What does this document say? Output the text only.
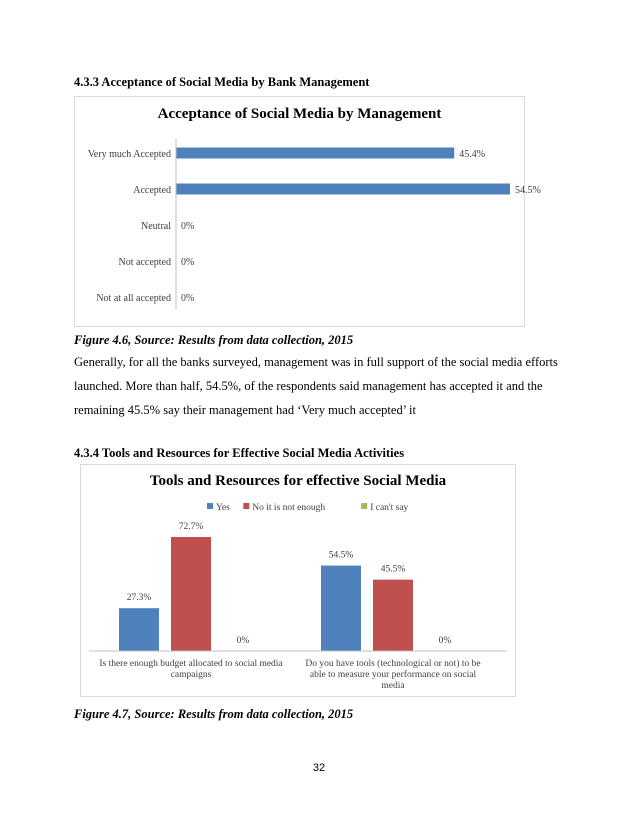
4.3.3 Acceptance of Social Media by Bank Management
Acceptance of Social Media by Management
Very much Accepted	45.4%
Accepted	54.5%
Neutral 0%
Not accepted 0%
Not at all accepted 0%
Figure 4.6, Source: Results from data collection, 2015
Generally, for all the banks surveyed, management was in full support of the social media efforts
launched. More than half, 54.5%, of the respondents said management has accepted it and the
remaining 45.5% say their management had ‘Very much accepted’ it
4.3.4 Tools and Resources for Effective Social Media Activities
Tools and Resources for effective Social Media
Yes No it is not enough	I can't say
27.3%
72.7%
0%
Is there enough budget allocated to social media
campaigns
54.5%
45.5%
0%
Do you have tools (technological or not) to be
able to measure your performance on social
media
Figure 4.7, Source: Results from data collection, 2015
32
